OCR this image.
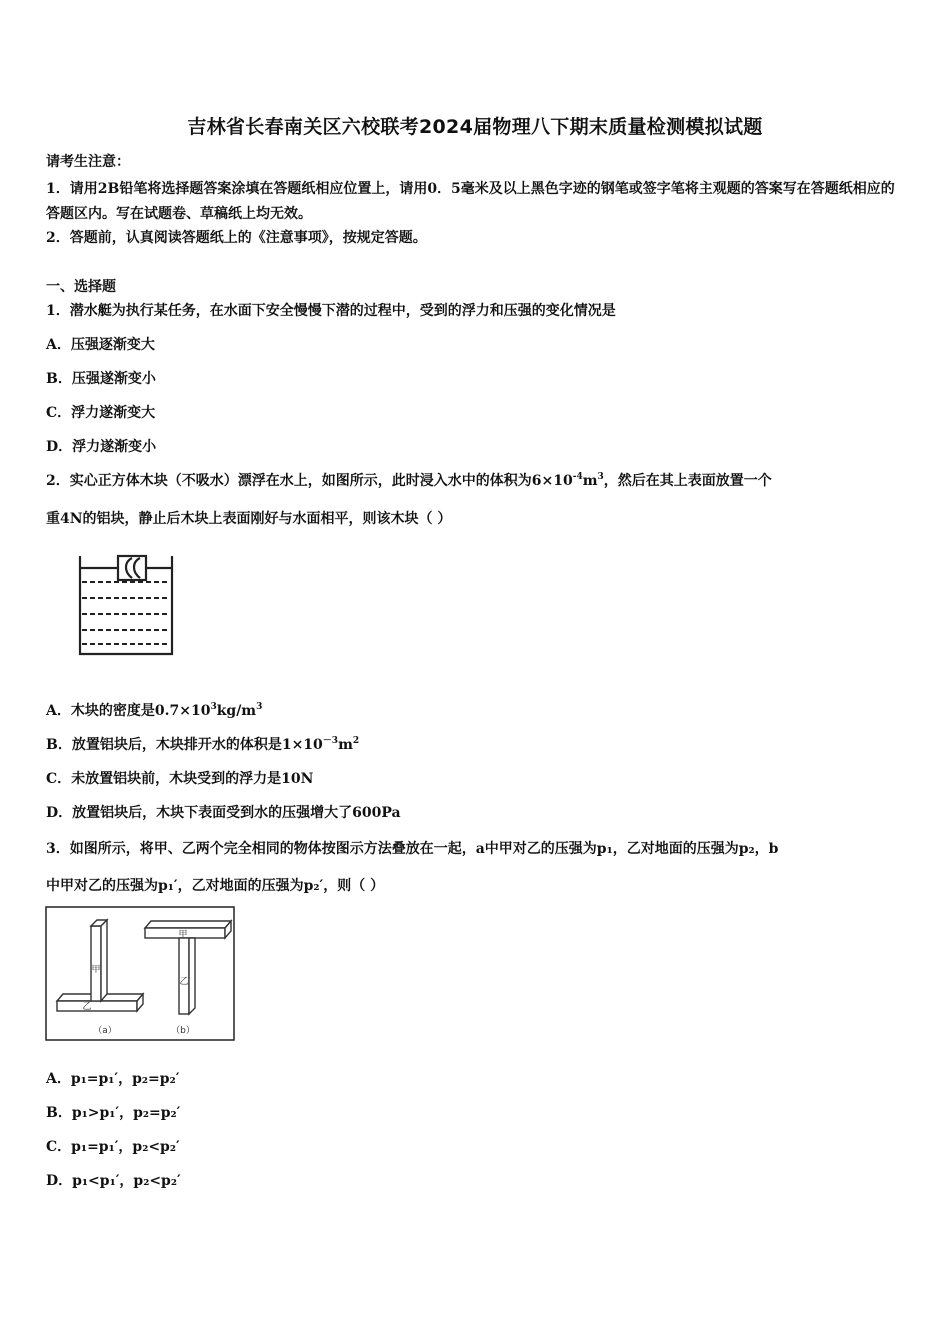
吉林省长春南关区六校联考2024届物理八下期末质量检测模拟试题
请考生注意：
1．请用2B铅笔将选择题答案涂填在答题纸相应位置上，请用0．5毫米及以上黑色字迹的钢笔或签字笔将主观题的答案写在答题纸相应的答题区内。写在试题卷、草稿纸上均无效。
2．答题前，认真阅读答题纸上的《注意事项》，按规定答题。
一、选择题
1．潜水艇为执行某任务，在水面下安全慢慢下潜的过程中，受到的浮力和压强的变化情况是
A．压强逐渐变大
B．压强遂渐变小
C．浮力遂渐变大
D．浮力遂渐变小
2．实心正方体木块（不吸水）漂浮在水上，如图所示，此时浸入水中的体积为$6\times 10^{-4}m^3$，然后在其上表面放置一个
重4N的铝块，静止后木块上表面刚好与水面相平，则该木块（ ）
A．木块的密度是$0.7\times 10^3kg/m^3$
B．放置铝块后，木块排开水的体积是$1\times 10^{-3}m^2$
C．未放置铝块前，木块受到的浮力是10N
D．放置铝块后，木块下表面受到水的压强增大了600Pa
3．如图所示，将甲、乙两个完全相同的物体按图示方法叠放在一起，a中甲对乙的压强为p₁，乙对地面的压强为p₂，b
中甲对乙的压强为p₁′，乙对地面的压强为p₂′，则（ ）
甲
乙
甲
乙
（a）	（b）
A．p₁=p₁′，p₂=p₂′
B．p₁>p₁′，p₂=p₂′
C．p₁=p₁′，p₂<p₂′
D．p₁<p₁′，p₂<p₂′
